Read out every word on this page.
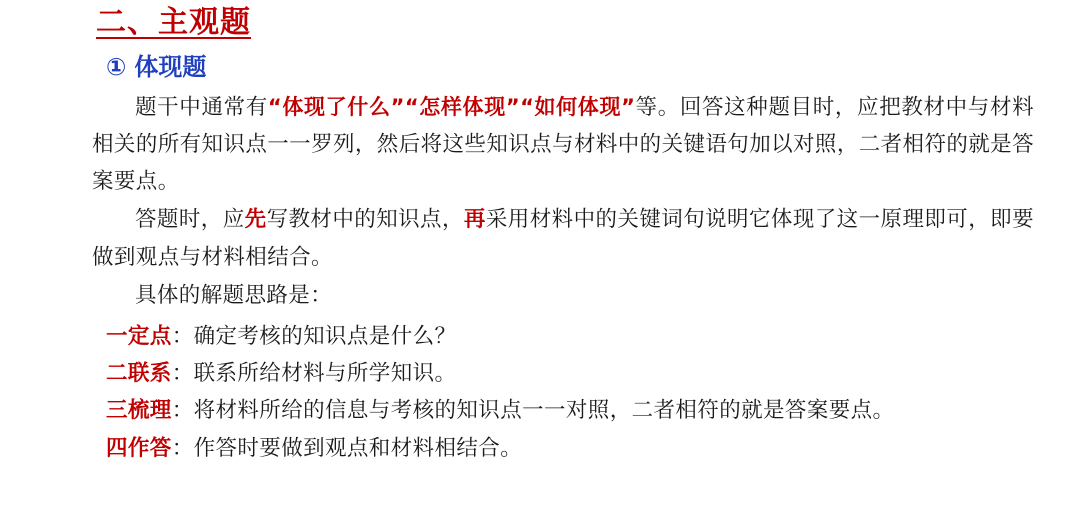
二、主观题
① 体现题

题干中通常有“体现了什么”“怎样体现”“如何体现”等。回答这种题目时，应把教材中与材料相关的所有知识点一一罗列，然后将这些知识点与材料中的关键语句加以对照，二者相符的就是答案要点。

答题时，应先写教材中的知识点，再采用材料中的关键词句说明它体现了这一原理即可，即要做到观点与材料相结合。

具体的解题思路是：

一定点：确定考核的知识点是什么？
二联系：联系所给材料与所学知识。
三梳理：将材料所给的信息与考核的知识点一一对照，二者相符的就是答案要点。
四作答：作答时要做到观点和材料相结合。
